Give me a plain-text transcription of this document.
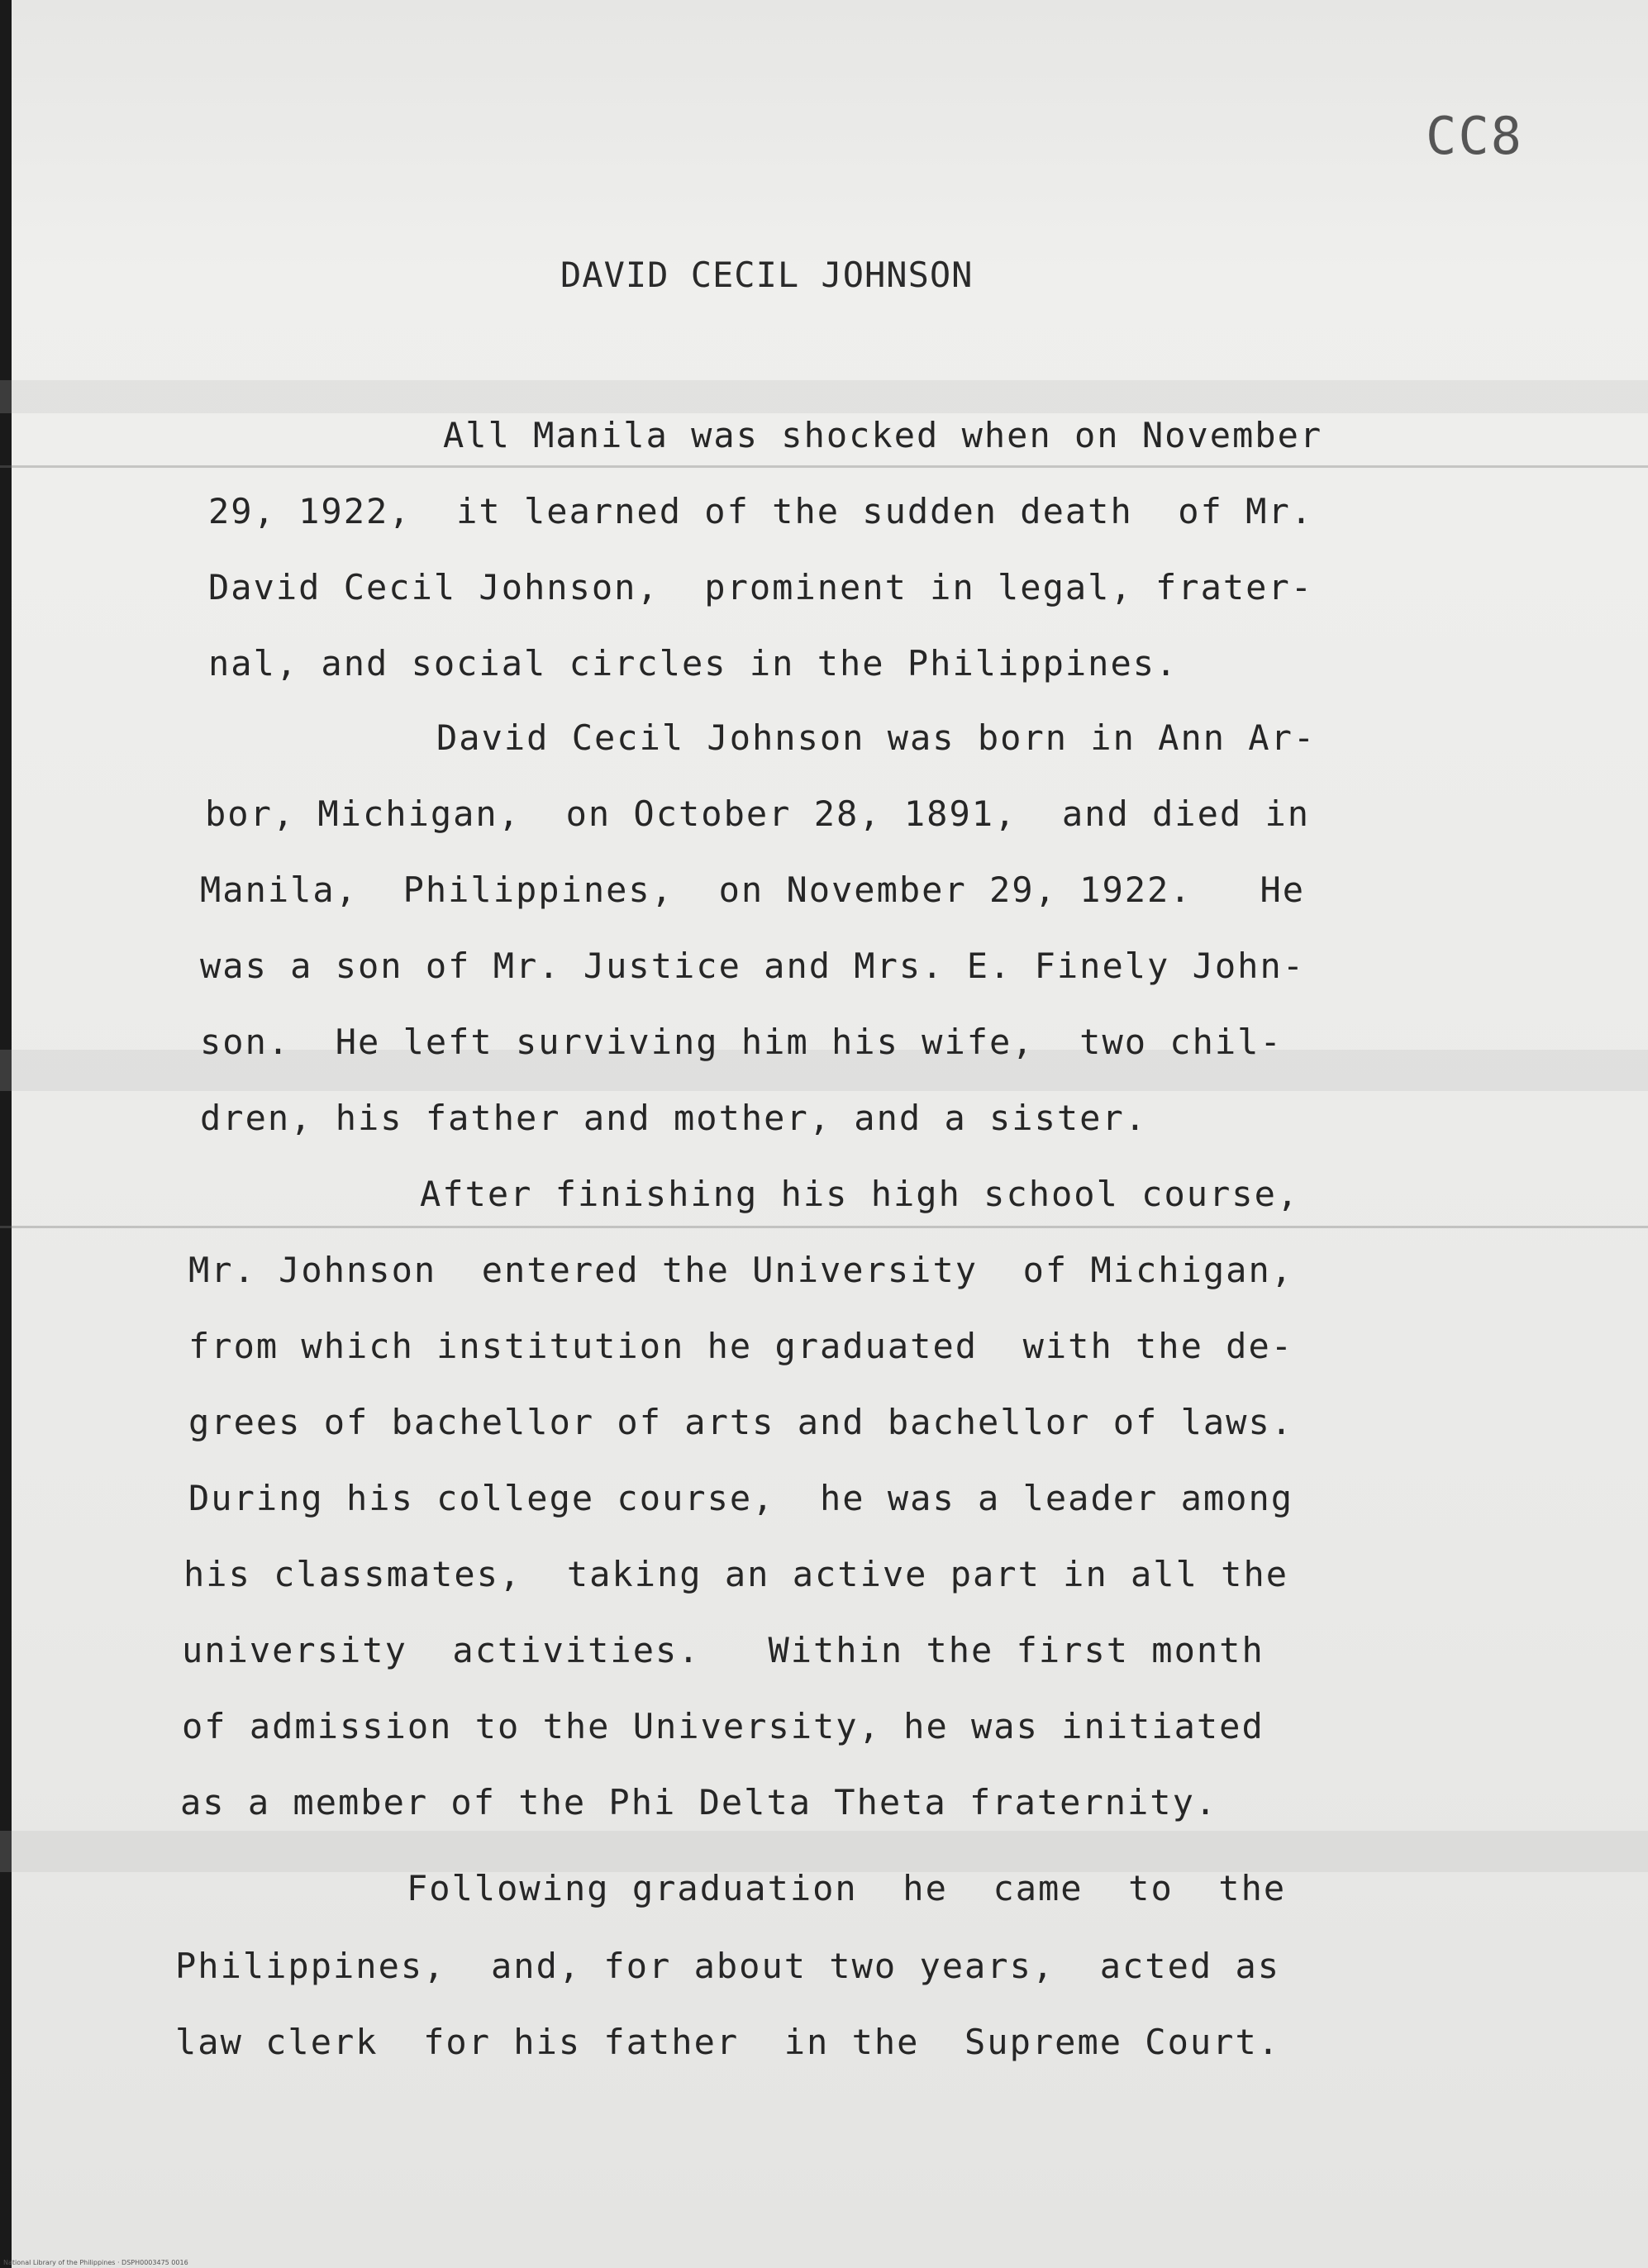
CC8
DAVID CECIL JOHNSON
All Manila was shocked when on November
29, 1922,  it learned of the sudden death  of Mr.
David Cecil Johnson,  prominent in legal, frater-
nal, and social circles in the Philippines.
David Cecil Johnson was born in Ann Ar-
bor, Michigan,  on October 28, 1891,  and died in
Manila,  Philippines,  on November 29, 1922.   He
was a son of Mr. Justice and Mrs. E. Finely John-
son.  He left surviving him his wife,  two chil-
dren, his father and mother, and a sister.
After finishing his high school course,
Mr. Johnson  entered the University  of Michigan,
from which institution he graduated  with the de-
grees of bachellor of arts and bachellor of laws.
During his college course,  he was a leader among
his classmates,  taking an active part in all the
university  activities.   Within the first month
of admission to the University, he was initiated
as a member of the Phi Delta Theta fraternity.
Following graduation  he  came  to  the
Philippines,  and, for about two years,  acted as
law clerk  for his father  in the  Supreme Court.
National Library of the Philippines · DSPH0003475 0016
